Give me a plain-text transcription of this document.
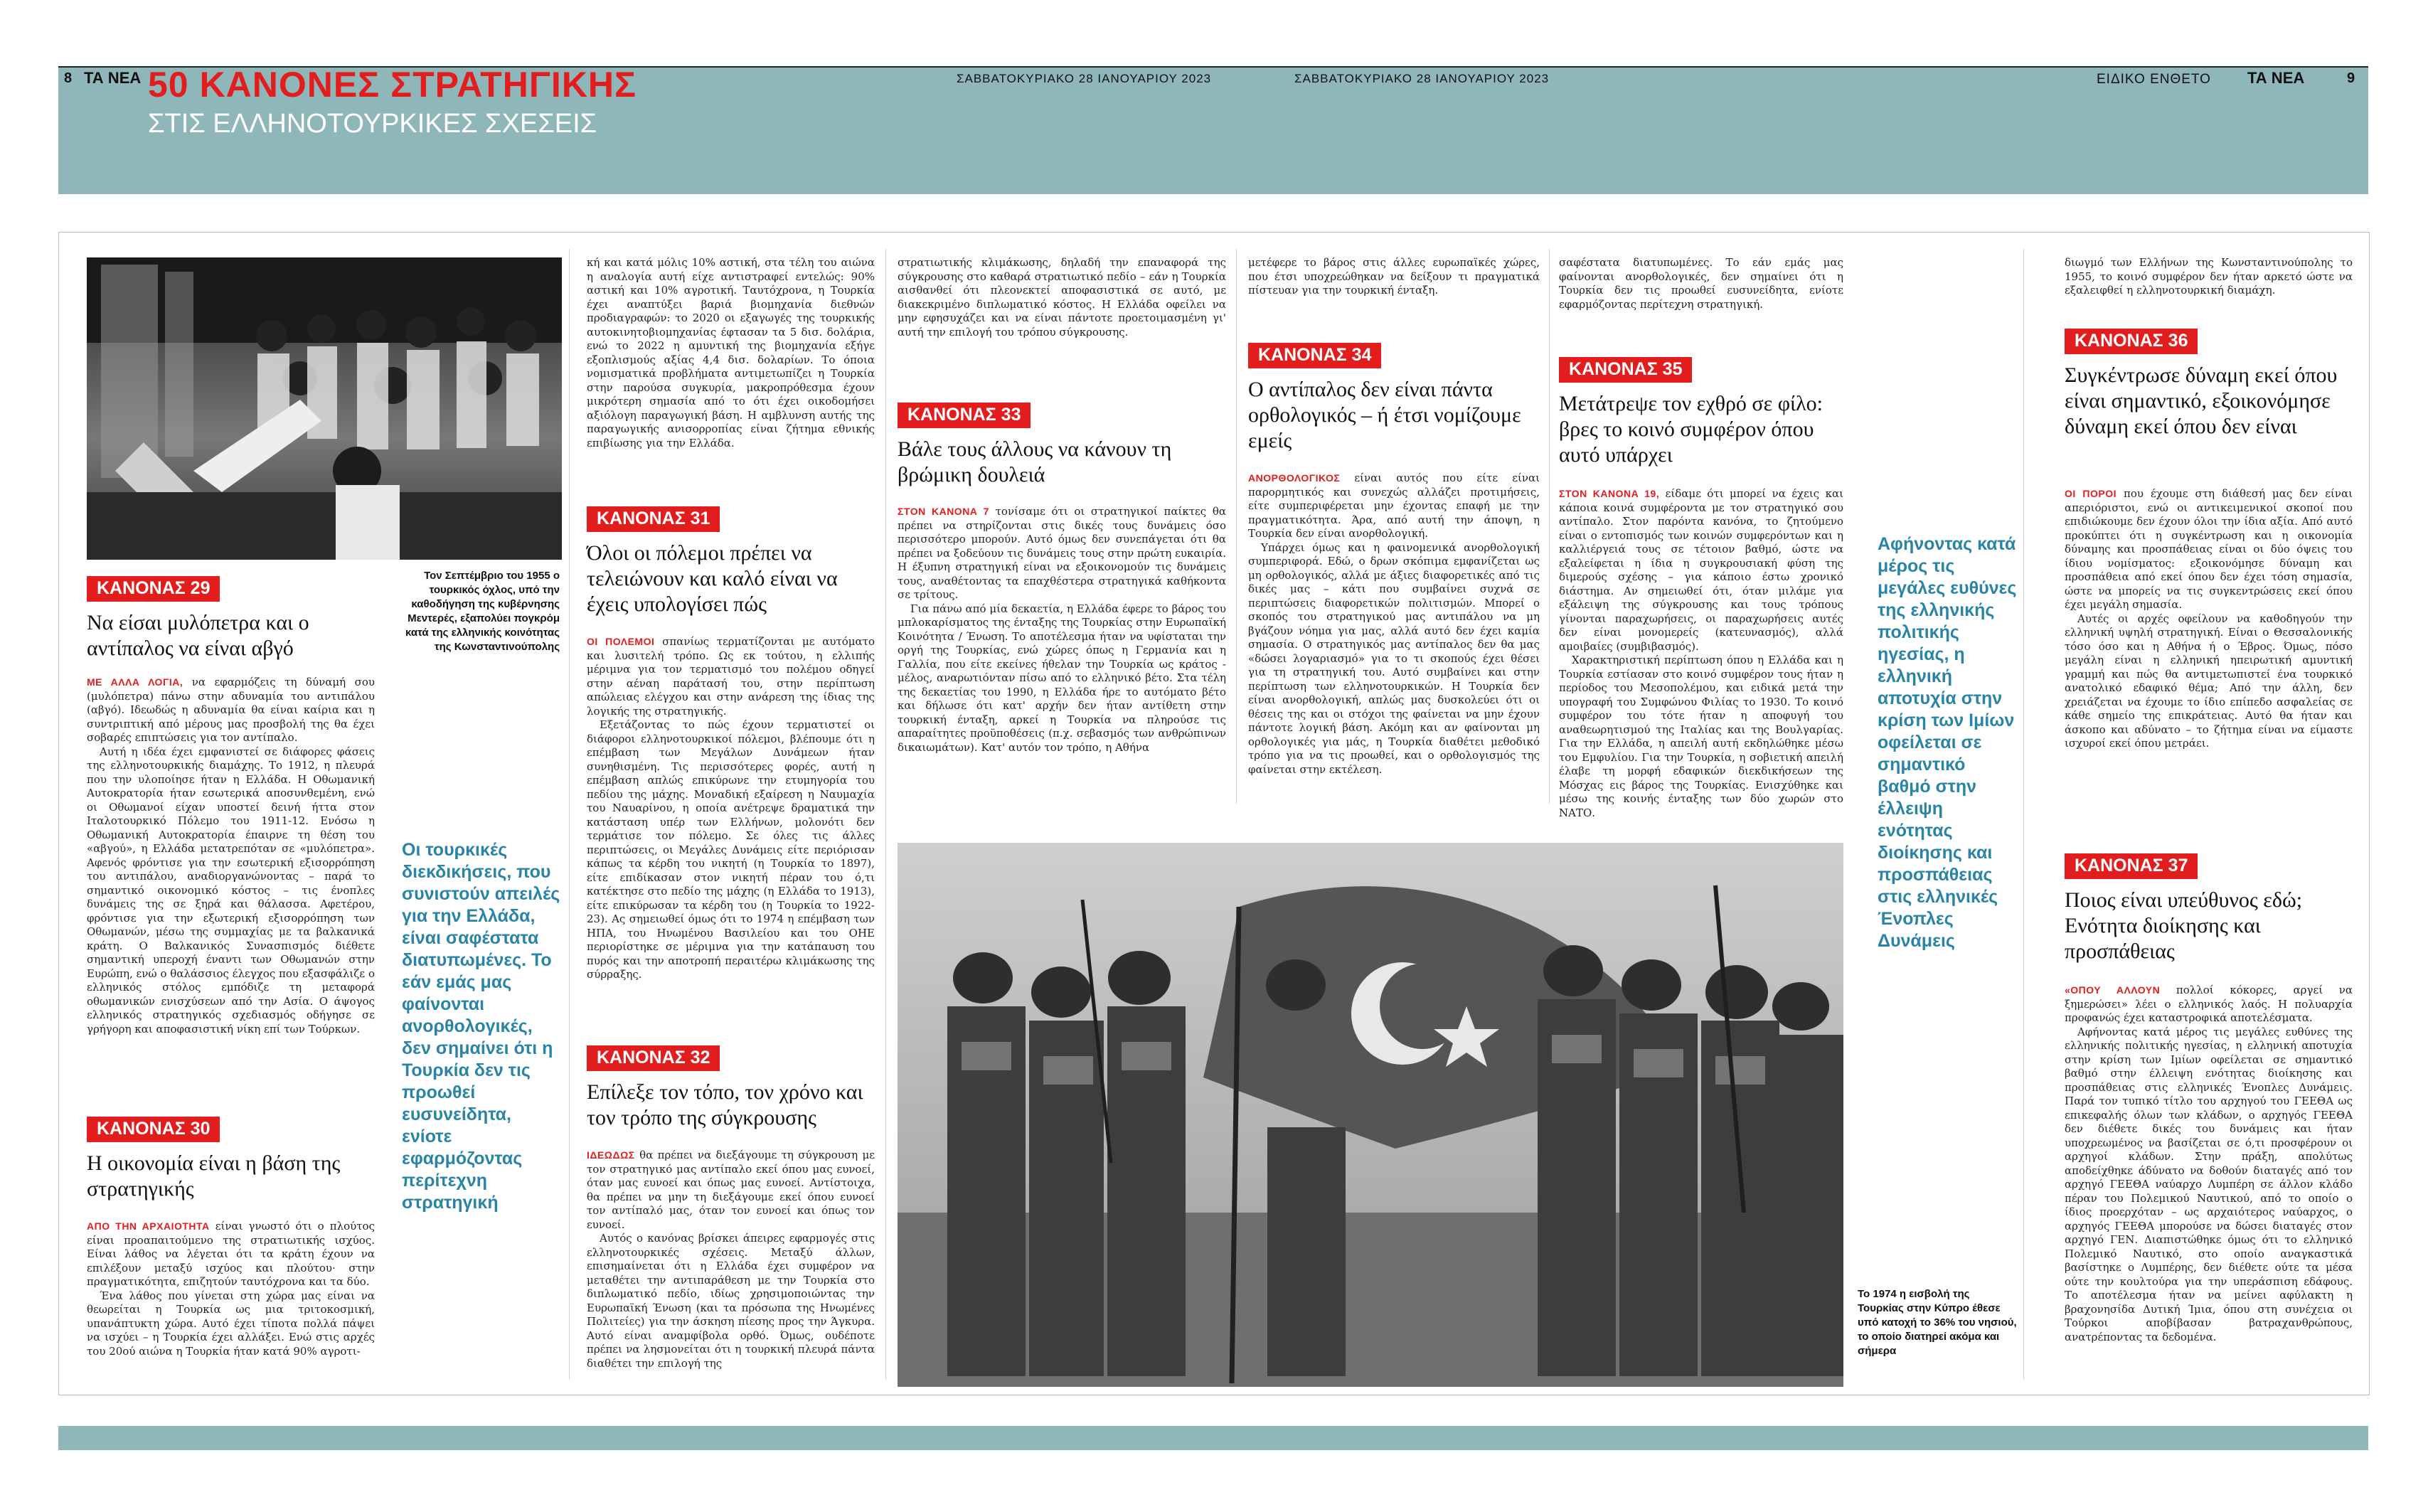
8 ΤΑ ΝΕΑ 50 ΚΑΝΟΝΕΣ ΣΤΡΑΤΗΓΙΚΗΣ
ΣΤΙΣ ΕΛΛΗΝΟΤΟΥΡΚΙΚΕΣ ΣΧΕΣΕΙΣ
ΣΑΒΒΑΤΟΚΥΡΙΑΚΟ 28 ΙΑΝΟΥΑΡΙΟΥ 2023	ΣΑΒΒΑΤΟΚΥΡΙΑΚΟ 28 ΙΑΝΟΥΑΡΙΟΥ 2023	ΕΙΔΙΚΟ ΕΝΘΕΤΟ ΤΑ ΝΕΑ	9
Τον Σεπτέμβριο του 1955 ο τουρκικός όχλος, υπό την καθοδήγηση της κυβέρνησης Μεντερές, εξαπολύει πογκρόμ κατά της ελληνικής κοινότητας της Κωνσταντινούπολης
ΚΑΝΟΝΑΣ 29
Να είσαι μυλόπετρα και ο αντίπαλος να είναι αβγό

ΜΕ ΑΛΛΑ ΛΟΓΙΑ, να εφαρμόζεις τη δύναμή σου (μυλόπετρα) πάνω στην αδυναμία του αντιπάλου (αβγό). Ιδεωδώς η αδυναμία θα είναι καίρια και η συντριπτική από μέρους μας προσβολή της θα έχει σοβαρές επιπτώσεις για τον αντίπαλο.

Αυτή η ιδέα έχει εμφανιστεί σε διάφορες φάσεις της ελληνοτουρκικής διαμάχης. Το 1912, η πλευρά που την υλοποίησε ήταν η Ελλάδα. Η Οθωμανική Αυτοκρατορία ήταν εσωτερικά αποσυνθεμένη, ενώ οι Οθωμανοί είχαν υποστεί δεινή ήττα στον Ιταλοτουρκικό Πόλεμο του 1911-12. Ενόσω η Οθωμανική Αυτοκρατορία έπαιρνε τη θέση του «αβγού», η Ελλάδα μετατρεπόταν σε «μυλόπετρα». Αφενός φρόντισε για την εσωτερική εξισορρόπηση του αντιπάλου, αναδιοργανώνοντας – παρά το σημαντικό οικονομικό κόστος – τις ένοπλες δυνάμεις της σε ξηρά και θάλασσα. Αφετέρου, φρόντισε για την εξωτερική εξισορρόπηση των Οθωμανών, μέσω της συμμαχίας με τα βαλκανικά κράτη. Ο Βαλκανικός Συνασπισμός διέθετε σημαντική υπεροχή έναντι των Οθωμανών στην Ευρώπη, ενώ ο θαλάσσιος έλεγχος που εξασφάλιζε ο ελληνικός στόλος εμπόδιζε τη μεταφορά οθωμανικών ενισχύσεων από την Ασία. Ο άψογος ελληνικός στρατηγικός σχεδιασμός οδήγησε σε γρήγορη και αποφασιστική νίκη επί των Τούρκων.

Οι τουρκικές διεκδικήσεις, που συνιστούν απειλές για την Ελλάδα, είναι σαφέστατα διατυπωμένες. Το εάν εμάς μας φαίνονται ανορθολογικές, δεν σημαίνει ότι η Τουρκία δεν τις προωθεί ευσυνείδητα, ενίοτε εφαρμόζοντας περίτεχνη στρατηγική
ΚΑΝΟΝΑΣ 30
Η οικονομία είναι η βάση της στρατηγικής

ΑΠΟ ΤΗΝ ΑΡΧΑΙΟΤΗΤΑ είναι γνωστό ότι ο πλούτος είναι προαπαιτούμενο της στρατιωτικής ισχύος. Είναι λάθος να λέγεται ότι τα κράτη έχουν να επιλέξουν μεταξύ ισχύος και πλούτου· στην πραγματικότητα, επιζητούν ταυτόχρονα και τα δύο.

Ένα λάθος που γίνεται στη χώρα μας είναι να θεωρείται η Τουρκία ως μια τριτοκοσμική, υπανάπτυκτη χώρα. Αυτό έχει τίποτα πολλά πάψει να ισχύει – η Τουρκία έχει αλλάξει. Ενώ στις αρχές του 20ού αιώνα η Τουρκία ήταν κατά 90% αγροτι-

κή και κατά μόλις 10% αστική, στα τέλη του αιώνα η αναλογία αυτή είχε αντιστραφεί εντελώς: 90% αστική και 10% αγροτική. Ταυτόχρονα, η Τουρκία έχει αναπτύξει βαριά βιομηχανία διεθνών προδιαγραφών: το 2020 οι εξαγωγές της τουρκικής αυτοκινητοβιομηχανίας έφτασαν τα 5 δισ. δολάρια, ενώ το 2022 η αμυντική της βιομηχανία εξήγε εξοπλισμούς αξίας 4,4 δισ. δολαρίων. Το όποια νομισματικά προβλήματα αντιμετωπίζει η Τουρκία στην παρούσα συγκυρία, μακροπρόθεσμα έχουν μικρότερη σημασία από το ότι έχει οικοδομήσει αξιόλογη παραγωγική βάση. Η αμβλυνση αυτής της παραγωγικής ανισορροπίας είναι ζήτημα εθνικής επιβίωσης για την Ελλάδα.

ΚΑΝΟΝΑΣ 31
Όλοι οι πόλεμοι πρέπει να τελειώνουν και καλό είναι να έχεις υπολογίσει πώς

ΟΙ ΠΟΛΕΜΟΙ σπανίως τερματίζονται με αυτόματο και λυσιτελή τρόπο. Ως εκ τούτου, η ελλιπής μέριμνα για τον τερματισμό του πολέμου οδηγεί στην αέναη παράτασή του, στην περίπτωση απώλειας ελέγχου και στην ανάρεση της ίδιας της λογικής της στρατηγικής.

Εξετάζοντας το πώς έχουν τερματιστεί οι διάφοροι ελληνοτουρκικοί πόλεμοι, βλέπουμε ότι η επέμβαση των Μεγάλων Δυνάμεων ήταν συνηθισμένη. Τις περισσότερες φορές, αυτή η επέμβαση απλώς επικύρωνε την ετυμηγορία του πεδίου της μάχης. Μοναδική εξαίρεση η Ναυμαχία του Ναυαρίνου, η οποία ανέτρεψε δραματικά την κατάσταση υπέρ των Ελλήνων, μολονότι δεν τερμάτισε τον πόλεμο. Σε όλες τις άλλες περιπτώσεις, οι Μεγάλες Δυνάμεις είτε περιόρισαν κάπως τα κέρδη του νικητή (η Τουρκία το 1897), είτε επιδίκασαν στον νικητή πέραν του ό,τι κατέκτησε στο πεδίο της μάχης (η Ελλάδα το 1913), είτε επικύρωσαν τα κέρδη του (η Τουρκία το 1922-23). Ας σημειωθεί όμως ότι το 1974 η επέμβαση των ΗΠΑ, του Ηνωμένου Βασιλείου και του ΟΗΕ περιορίστηκε σε μέριμνα για την κατάπαυση του πυρός και την αποτροπή περαιτέρω κλιμάκωσης της σύρραξης.

ΚΑΝΟΝΑΣ 32
Επίλεξε τον τόπο, τον χρόνο και τον τρόπο της σύγκρουσης

ΙΔΕΩΔΩΣ θα πρέπει να διεξάγουμε τη σύγκρουση με τον στρατηγικό μας αντίπαλο εκεί όπου μας ευνοεί, όταν μας ευνοεί και όπως μας ευνοεί. Αντίστοιχα, θα πρέπει να μην τη διεξάγουμε εκεί όπου ευνοεί τον αντίπαλό μας, όταν τον ευνοεί και όπως τον ευνοεί.

Αυτός ο κανόνας βρίσκει άπειρες εφαρμογές στις ελληνοτουρκικές σχέσεις. Μεταξύ άλλων, επισημαίνεται ότι η Ελλάδα έχει συμφέρον να μεταθέτει την αντιπαράθεση με την Τουρκία στο διπλωματικό πεδίο, ιδίως χρησιμοποιώντας την Ευρωπαϊκή Ένωση (και τα πρόσωπα της Ηνωμένες Πολιτείες) για την άσκηση πίεσης προς την Άγκυρα. Αυτό είναι αναμφίβολα ορθό. Όμως, ουδέποτε πρέπει να λησμονείται ότι η τουρκική πλευρά πάντα διαθέτει την επιλογή της

στρατιωτικής κλιμάκωσης, δηλαδή την επαναφορά της σύγκρουσης στο καθαρά στρατιωτικό πεδίο – εάν η Τουρκία αισθανθεί ότι πλεονεκτεί αποφασιστικά σε αυτό, με διακεκριμένο διπλωματικό κόστος. Η Ελλάδα οφείλει να μην εφησυχάζει και να είναι πάντοτε προετοιμασμένη γι' αυτή την επιλογή του τρόπου σύγκρουσης.

ΚΑΝΟΝΑΣ 33
Βάλε τους άλλους να κάνουν τη βρώμικη δουλειά

ΣΤΟΝ ΚΑΝΟΝΑ 7 τονίσαμε ότι οι στρατηγικοί παίκτες θα πρέπει να στηρίζονται στις δικές τους δυνάμεις όσο περισσότερο μπορούν. Αυτό όμως δεν συνεπάγεται ότι θα πρέπει να ξοδεύουν τις δυνάμεις τους στην πρώτη ευκαιρία. Η έξυπνη στρατηγική είναι να εξοικονομούν τις δυνάμεις τους, αναθέτοντας τα επαχθέστερα στρατηγικά καθήκοντα σε τρίτους.

Για πάνω από μία δεκαετία, η Ελλάδα έφερε το βάρος του μπλοκαρίσματος της ένταξης της Τουρκίας στην Ευρωπαϊκή Κοινότητα / Ένωση. Το αποτέλεσμα ήταν να υφίσταται την οργή της Τουρκίας, ενώ χώρες όπως η Γερμανία και η Γαλλία, που είτε εκείνες ήθελαν την Τουρκία ως κράτος - μέλος, αναρωτιόνταν πίσω από το ελληνικό βέτο. Στα τέλη της δεκαετίας του 1990, η Ελλάδα ήρε το αυτόματο βέτο και δήλωσε ότι κατ' αρχήν δεν ήταν αντίθετη στην τουρκική ένταξη, αρκεί η Τουρκία να πληρούσε τις απαραίτητες προϋποθέσεις (π.χ. σεβασμός των ανθρώπινων δικαιωμάτων). Κατ' αυτόν τον τρόπο, η Αθήνα

μετέφερε το βάρος στις άλλες ευρωπαϊκές χώρες, που έτσι υποχρεώθηκαν να δείξουν τι πραγματικά πίστευαν για την τουρκική ένταξη.

ΚΑΝΟΝΑΣ 34
Ο αντίπαλος δεν είναι πάντα ορθολογικός – ή έτσι νομίζουμε εμείς

ΑΝΟΡΘΟΛΟΓΙΚΟΣ είναι αυτός που είτε είναι παρορμητικός και συνεχώς αλλάζει προτιμήσεις, είτε συμπεριφέρεται μην έχοντας επαφή με την πραγματικότητα. Άρα, από αυτή την άποψη, η Τουρκία δεν είναι ανορθολογική.

Υπάρχει όμως και η φαινομενικά ανορθολογική συμπεριφορά. Εδώ, ο δρων σκόπιμα εμφανίζεται ως μη ορθολογικός, αλλά με άξιες διαφορετικές από τις δικές μας – κάτι που συμβαίνει συχνά σε περιπτώσεις διαφορετικών πολιτισμών. Μπορεί ο σκοπός του στρατηγικού μας αντιπάλου να μη βγάζουν νόημα για μας, αλλά αυτό δεν έχει καμία σημασία. Ο στρατηγικός μας αντίπαλος δεν θα μας «δώσει λογαριασμό» για το τι σκοπούς έχει θέσει για τη στρατηγική του. Αυτό συμβαίνει και στην περίπτωση των ελληνοτουρκικών. Η Τουρκία δεν είναι ανορθολογική, απλώς μας δυσκολεύει ότι οι θέσεις της και οι στόχοι της φαίνεται να μην έχουν πάντοτε λογική βάση. Ακόμη και αν φαίνονται μη ορθολογικές για μάς, η Τουρκία διαθέτει μεθοδικό τρόπο για να τις προωθεί, και ο ορθολογισμός της φαίνεται στην εκτέλεση.

σαφέστατα διατυπωμένες. Το εάν εμάς μας φαίνονται ανορθολογικές, δεν σημαίνει ότι η Τουρκία δεν τις προωθεί ευσυνείδητα, ενίοτε εφαρμόζοντας περίτεχνη στρατηγική.

ΚΑΝΟΝΑΣ 35
Μετάτρεψε τον εχθρό σε φίλο: βρες το κοινό συμφέρον όπου αυτό υπάρχει

ΣΤΟΝ ΚΑΝΟΝΑ 19, είδαμε ότι μπορεί να έχεις και κάποια κοινά συμφέροντα με τον στρατηγικό σου αντίπαλο. Στον παρόντα κανόνα, το ζητούμενο είναι ο εντοπισμός των κοινών συμφερόντων και η καλλιέργειά τους σε τέτοιον βαθμό, ώστε να εξαλείφεται η ίδια η συγκρουσιακή φύση της διμερούς σχέσης – για κάποιο έστω χρονικό διάστημα. Αν σημειωθεί ότι, όταν μιλάμε για εξάλειψη της σύγκρουσης και τους τρόπους γίνονται παραχωρήσεις, οι παραχωρήσεις αυτές δεν είναι μονομερείς (κατευνασμός), αλλά αμοιβαίες (συμβιβασμός).

Χαρακτηριστική περίπτωση όπου η Ελλάδα και η Τουρκία εστίασαν στο κοινό συμφέρον τους ήταν η περίοδος του Μεσοπολέμου, και ειδικά μετά την υπογραφή του Συμφώνου Φιλίας το 1930. Το κοινό συμφέρον του τότε ήταν η αποφυγή του αναθεωρητισμού της Ιταλίας και της Βουλγαρίας. Για την Ελλάδα, η απειλή αυτή εκδηλώθηκε μέσω του Εμφυλίου. Για την Τουρκία, η σοβιετική απειλή έλαβε τη μορφή εδαφικών διεκδικήσεων της Μόσχας εις βάρος της Τουρκίας. Ενισχύθηκε και μέσω της κοινής ένταξης των δύο χωρών στο ΝΑΤΟ.

Αφήνοντας κατά μέρος τις μεγάλες ευθύνες της ελληνικής πολιτικής ηγεσίας, η ελληνική αποτυχία στην κρίση των Ιμίων οφείλεται σε σημαντικό βαθμό στην έλλειψη ενότητας διοίκησης και προσπάθειας στις ελληνικές Ένοπλες Δυνάμεις
Το 1974 η εισβολή της Τουρκίας στην Κύπρο έθεσε υπό κατοχή το 36% του νησιού, το οποίο διατηρεί ακόμα και σήμερα

διωγμό των Ελλήνων της Κωνσταντινούπολης το 1955, το κοινό συμφέρον δεν ήταν αρκετό ώστε να εξαλειφθεί η ελληνοτουρκική διαμάχη.

ΚΑΝΟΝΑΣ 36
Συγκέντρωσε δύναμη εκεί όπου είναι σημαντικό, εξοικονόμησε δύναμη εκεί όπου δεν είναι

ΟΙ ΠΟΡΟΙ που έχουμε στη διάθεσή μας δεν είναι απεριόριστοι, ενώ οι αντικειμενικοί σκοποί που επιδιώκουμε δεν έχουν όλοι την ίδια αξία. Από αυτό προκύπτει ότι η συγκέντρωση και η οικονομία δύναμης και προσπάθειας είναι οι δύο όψεις του ίδιου νομίσματος: εξοικονόμησε δύναμη και προσπάθεια από εκεί όπου δεν έχει τόση σημασία, ώστε να μπορείς να τις συγκεντρώσεις εκεί όπου έχει μεγάλη σημασία.

Αυτές οι αρχές οφείλουν να καθοδηγούν την ελληνική υψηλή στρατηγική. Είναι ο Θεσσαλονικής τόσο όσο και η Αθήνα ή ο Έβρος. Όμως, πόσο μεγάλη είναι η ελληνική ηπειρωτική αμυντική γραμμή και πώς θα αντιμετωπιστεί ένα τουρκικό ανατολικό εδαφικό θέμα; Από την άλλη, δεν χρειάζεται να έχουμε το ίδιο επίπεδο ασφαλείας σε κάθε σημείο της επικράτειας. Αυτό θα ήταν και άσκοπο και αδύνατο – το ζήτημα είναι να είμαστε ισχυροί εκεί όπου μετράει.

ΚΑΝΟΝΑΣ 37
Ποιος είναι υπεύθυνος εδώ; Ενότητα διοίκησης και προσπάθειας

«ΟΠΟΥ ΑΛΛΟΥΝ πολλοί κόκορες, αργεί να ξημερώσει» λέει ο ελληνικός λαός. Η πολυαρχία προφανώς έχει καταστροφικά αποτελέσματα.

Αφήνοντας κατά μέρος τις μεγάλες ευθύνες της ελληνικής πολιτικής ηγεσίας, η ελληνική αποτυχία στην κρίση των Ιμίων οφείλεται σε σημαντικό βαθμό στην έλλειψη ενότητας διοίκησης και προσπάθειας στις ελληνικές Ένοπλες Δυνάμεις. Παρά τον τυπικό τίτλο του αρχηγού του ΓΕΕΘΑ ως επικεφαλής όλων των κλάδων, ο αρχηγός ΓΕΕΘΑ δεν διέθετε δικές του δυνάμεις και ήταν υποχρεωμένος να βασίζεται σε ό,τι προσφέρουν οι αρχηγοί κλάδων. Στην πράξη, απολύτως αποδείχθηκε άδύνατο να δοθούν διαταγές από τον αρχηγό ΓΕΕΘΑ ναύαρχο Λυμπέρη σε άλλον κλάδο πέραν του Πολεμικού Ναυτικού, από το οποίο ο ίδιος προερχόταν – ως αρχαιότερος ναύαρχος, ο αρχηγός ΓΕΕΘΑ μπορούσε να δώσει διαταγές στον αρχηγό ΓΕΝ. Διαπιστώθηκε όμως ότι το ελληνικό Πολεμικό Ναυτικό, στο οποίο αναγκαστικά βασίστηκε ο Λυμπέρης, δεν διέθετε ούτε τα μέσα ούτε την κουλτούρα για την υπεράσπιση εδάφους. Το αποτέλεσμα ήταν να μείνει αφύλακτη η βραχονησίδα Δυτική Ίμια, όπου στη συνέχεια οι Τούρκοι αποβίβασαν βατραχανθρώπους, ανατρέποντας τα δεδομένα.
